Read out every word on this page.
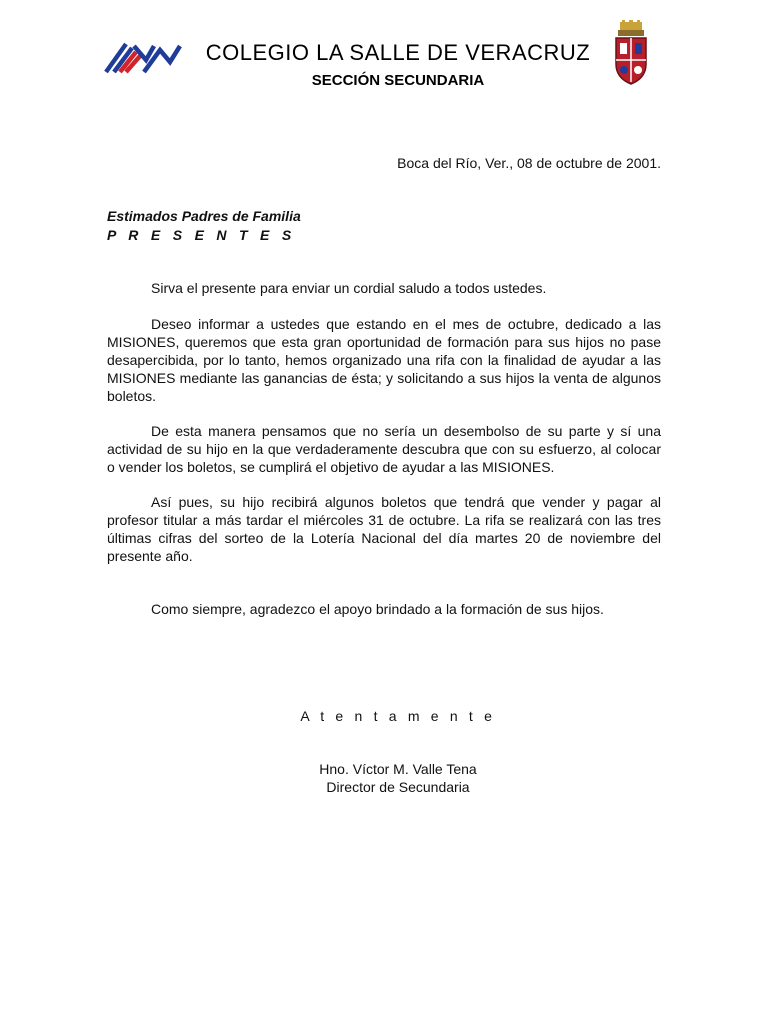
COLEGIO LA SALLE DE VERACRUZ
SECCIÓN SECUNDARIA
Boca del Río, Ver., 08 de octubre de 2001.
Estimados Padres de Familia
P R E S E N T E S
Sirva el presente para enviar un cordial saludo a todos ustedes.
Deseo informar a ustedes que estando en el mes de octubre, dedicado a las MISIONES, queremos que esta gran oportunidad de formación para sus hijos no pase desapercibida, por lo tanto, hemos organizado una rifa con la finalidad de ayudar a las MISIONES mediante las ganancias de ésta; y solicitando a sus hijos la venta de algunos boletos.
De esta manera pensamos que no sería un desembolso de su parte y sí una actividad de su hijo en la que verdaderamente descubra que con su esfuerzo, al colocar o vender los boletos, se cumplirá el objetivo de ayudar a las MISIONES.
Así pues, su hijo recibirá algunos boletos que tendrá que vender y pagar al profesor titular a más tardar el miércoles 31 de octubre. La rifa se realizará con las tres últimas cifras del sorteo de la Lotería Nacional del día martes 20 de noviembre del presente año.
Como siempre, agradezco el apoyo brindado a la formación de sus hijos.
A t e n t a m e n t e
Hno. Víctor M. Valle Tena
Director de Secundaria
